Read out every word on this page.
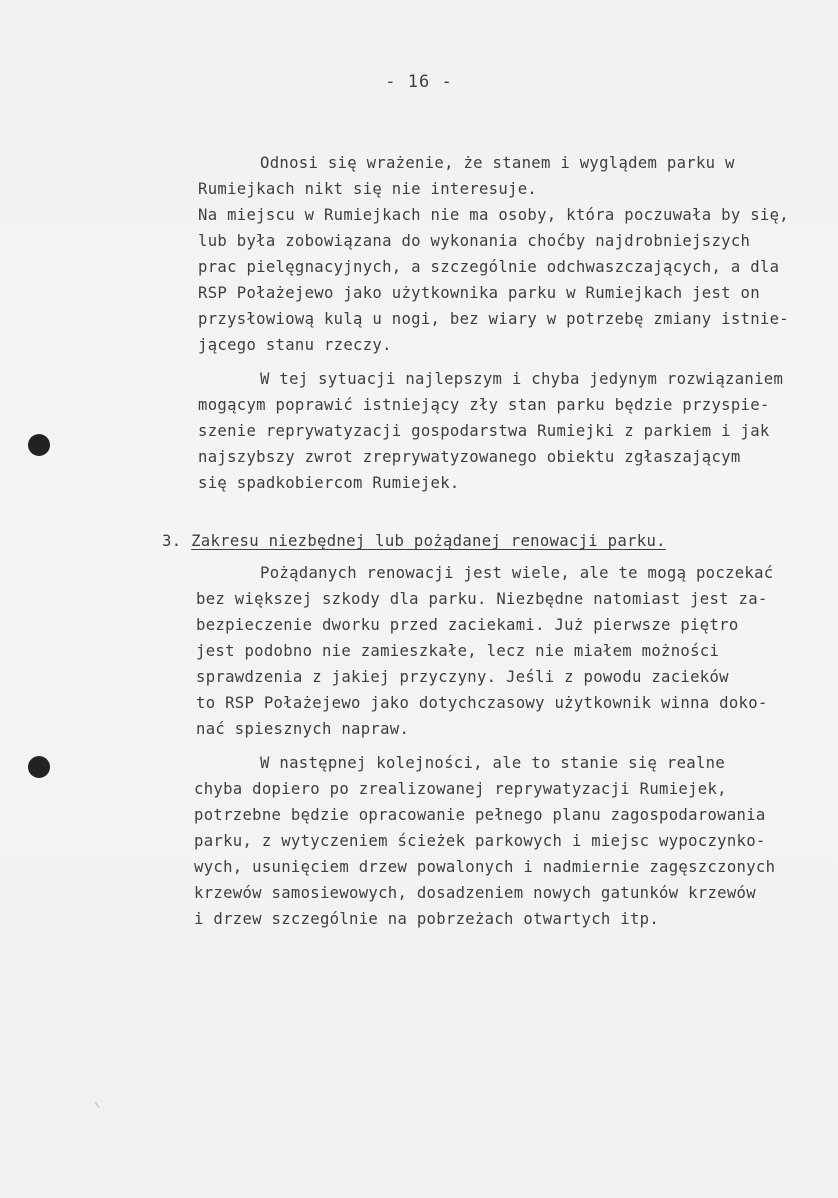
- 16 -
Odnosi się wrażenie, że stanem i wyglądem parku w
Rumiejkach nikt się nie interesuje.
Na miejscu w Rumiejkach nie ma osoby, która poczuwała by się,
lub była zobowiązana do wykonania choćby najdrobniejszych
prac pielęgnacyjnych, a szczególnie odchwaszczających, a dla
RSP Połażejewo jako użytkownika parku w Rumiejkach jest on
przysłowiową kulą u nogi, bez wiary w potrzebę zmiany istnie-
jącego stanu rzeczy.
W tej sytuacji najlepszym i chyba jedynym rozwiązaniem
mogącym poprawić istniejący zły stan parku będzie przyspie-
szenie reprywatyzacji gospodarstwa Rumiejki z parkiem i jak
najszybszy zwrot zreprywatyzowanego obiektu zgłaszającym
się spadkobiercom Rumiejek.
3. Zakresu niezbędnej lub pożądanej renowacji parku.
Pożądanych renowacji jest wiele, ale te mogą poczekać
bez większej szkody dla parku. Niezbędne natomiast jest za-
bezpieczenie dworku przed zaciekami. Już pierwsze piętro
jest podobno nie zamieszkałe, lecz nie miałem możności
sprawdzenia z jakiej przyczyny. Jeśli z powodu zacieków
to RSP Połażejewo jako dotychczasowy użytkownik winna doko-
nać spiesznych napraw.
W następnej kolejności, ale to stanie się realne
chyba dopiero po zrealizowanej reprywatyzacji Rumiejek,
potrzebne będzie opracowanie pełnego planu zagospodarowania
parku, z wytyczeniem ścieżek parkowych i miejsc wypoczynko-
wych, usunięciem drzew powalonych i nadmiernie zagęszczonych
krzewów samosiewowych, dosadzeniem nowych gatunków krzewów
i drzew szczególnie na pobrzeżach otwartych itp.
